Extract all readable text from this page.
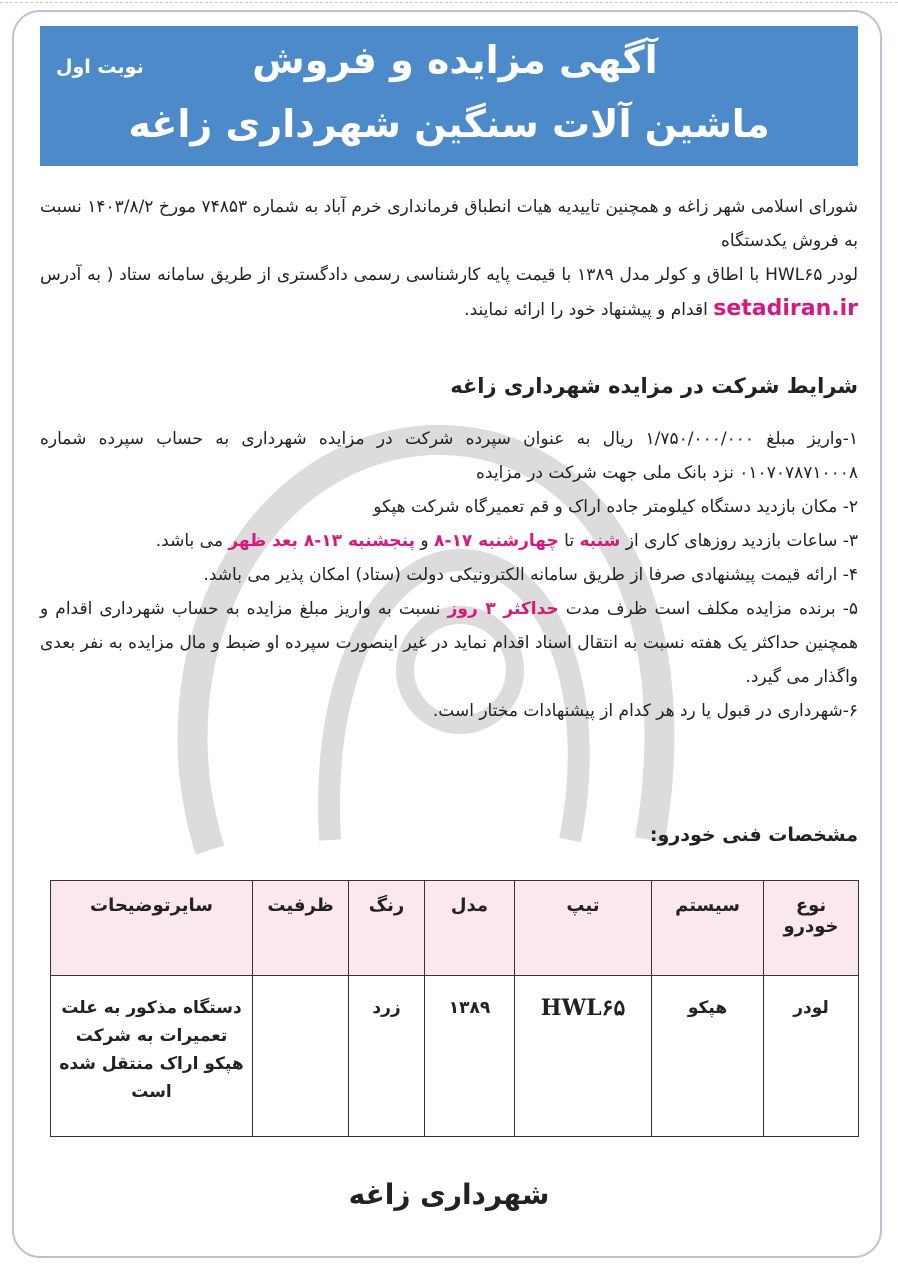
آگهی مزایده و فروش
ماشین آلات سنگین شهرداری زاغه
نوبت اول
شورای اسلامی شهر زاغه و همچنین تاییدیه هیات انطباق فرمانداری خرم آباد به شماره ۷۴۸۵۳ مورخ ۱۴۰۳/۸/۲ نسبت به فروش یکدستگاه
لودر HWL۶۵ با اطاق و کولر مدل ۱۳۸۹ با قیمت پایه کارشناسی رسمی دادگستری از طریق سامانه ستاد ( به آدرس setadiran.ir اقدام و پیشنهاد خود را ارائه نمایند.
شرایط شرکت در مزایده شهرداری زاغه

۱-واریز مبلغ ۱/۷۵۰/۰۰۰/۰۰۰ ریال به عنوان سپرده شرکت در مزایده شهرداری به حساب سپرده شماره ۰۱۰۷۰۷۸۷۱۰۰۰۸ نزد بانک ملی جهت شرکت در مزایده

۲- مکان بازدید دستگاه کیلومتر جاده اراک و قم تعمیرگاه شرکت هپکو

۳- ساعات بازدید روزهای کاری از شنبه تا چهارشنبه ۱۷-۸ و پنجشنبه ۱۳-۸ بعد ظهر می باشد.

۴- ارائه قیمت پیشنهادی صرفا از طریق سامانه الکترونیکی دولت (ستاد) امکان پذیر می باشد.

۵- برنده مزایده مکلف است ظرف مدت حداکثر ۳ روز نسبت به واریز مبلغ مزایده به حساب شهرداری اقدام و همچنین حداکثر یک هفته نسبت به انتقال اسناد اقدام نماید در غیر اینصورت سپرده او ضبط و مال مزایده به نفر بعدی واگذار می گیرد.

۶-شهرداری در قبول یا رد هر کدام از پیشنهادات مختار است.

مشخصات فنی خودرو:
نوع خودرو	سیستم	تیپ	مدل	رنگ	ظرفیت	سایرتوضیحات
لودر	هپکو	HWL۶۵	۱۳۸۹	زرد		دستگاه مذکور به علت تعمیرات به شرکت هپکو اراک منتقل شده است
شهرداری زاغه
